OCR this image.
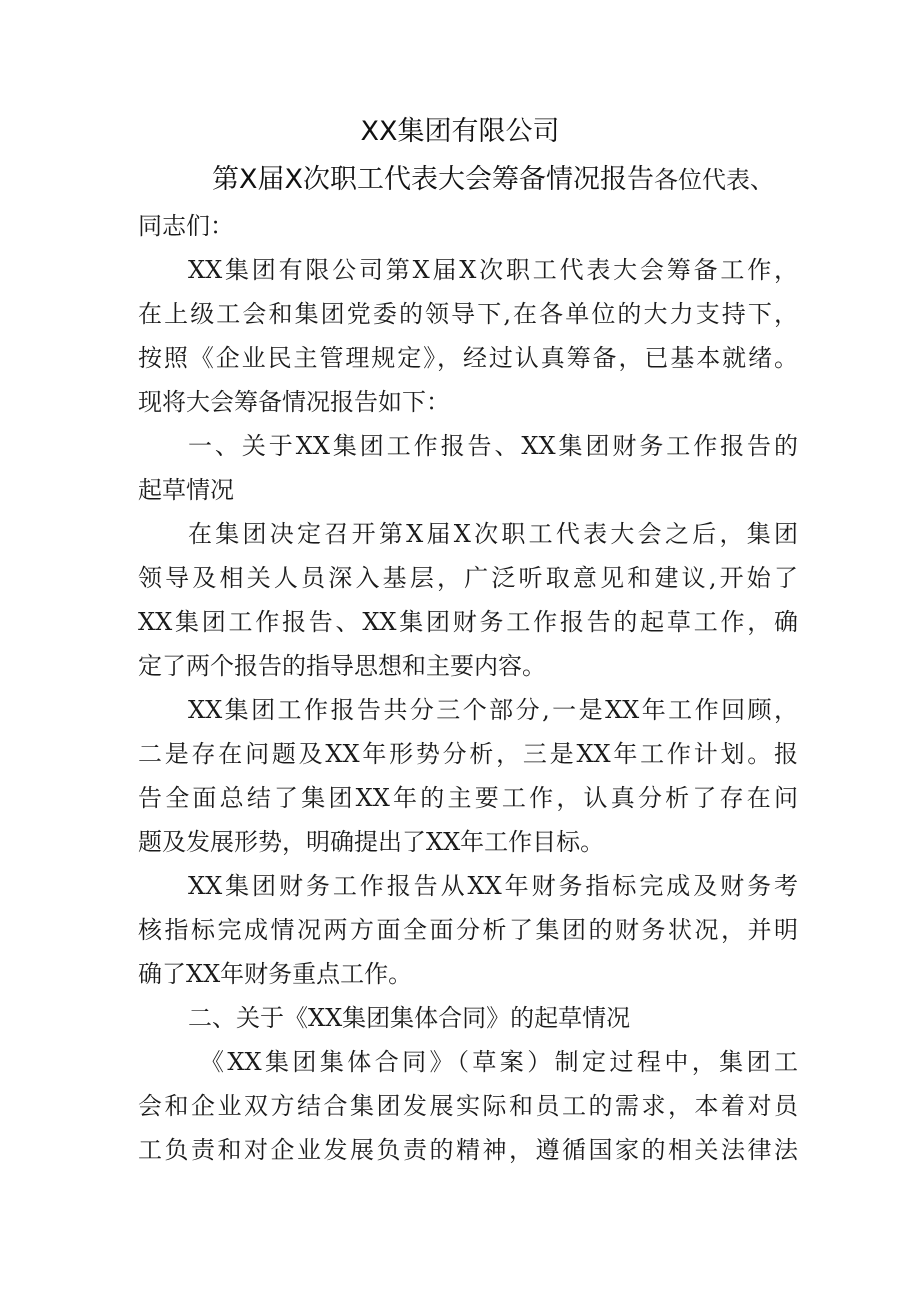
XX集团有限公司

第X届X次职工代表大会筹备情况报告各位代表、

同志们：

XX集团有限公司第X届X次职工代表大会筹备工作，

在上级工会和集团党委的领导下,在各单位的大力支持下，

按照《企业民主管理规定》，经过认真筹备，已基本就绪。

现将大会筹备情况报告如下：

一、关于XX集团工作报告、XX集团财务工作报告的

起草情况

在集团决定召开第X届X次职工代表大会之后，集团

领导及相关人员深入基层，广泛听取意见和建议,开始了

XX集团工作报告、XX集团财务工作报告的起草工作，确

定了两个报告的指导思想和主要内容。

XX集团工作报告共分三个部分,一是XX年工作回顾，

二是存在问题及XX年形势分析，三是XX年工作计划。报

告全面总结了集团XX年的主要工作，认真分析了存在问

题及发展形势，明确提出了XX年工作目标。

XX集团财务工作报告从XX年财务指标完成及财务考

核指标完成情况两方面全面分析了集团的财务状况，并明

确了XX年财务重点工作。

二、关于《XX集团集体合同》的起草情况

《XX集团集体合同》（草案）制定过程中，集团工

会和企业双方结合集团发展实际和员工的需求，本着对员

工负责和对企业发展负责的精神，遵循国家的相关法律法
